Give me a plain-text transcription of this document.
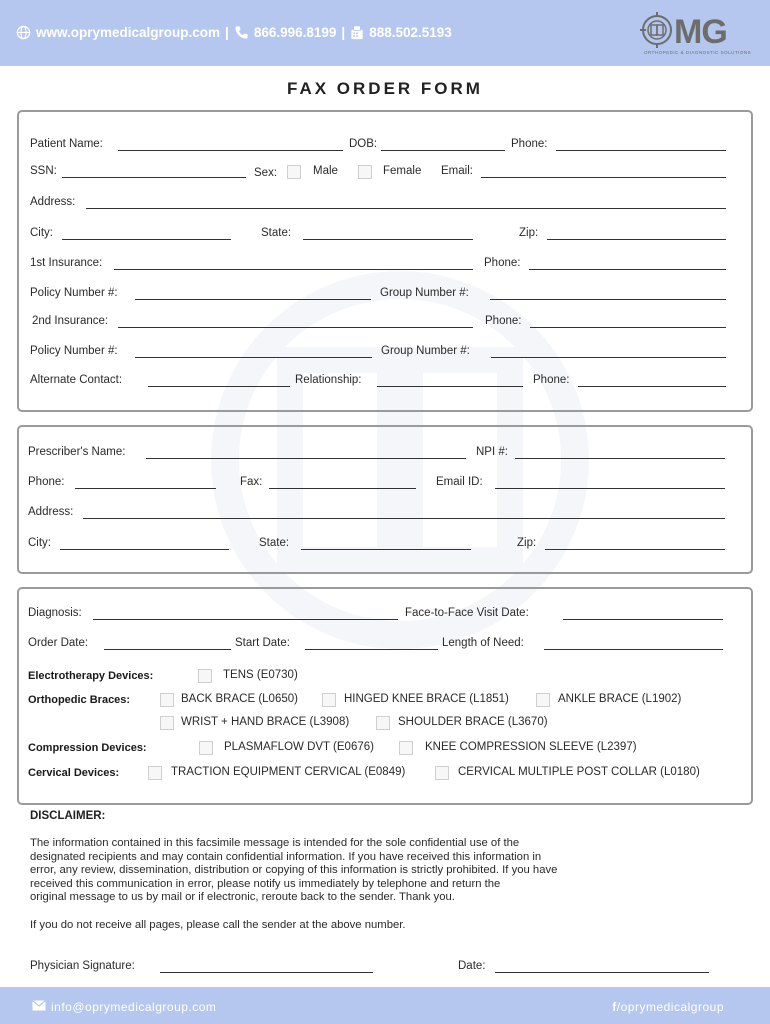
www.oprymedicalgroup.com | 866.996.8199 | 888.502.5193	MG
ORTHOPEDIC & DIAGNOSTIC SOLUTIONS
FAX ORDER FORM
Patient Name:	DOB:	Phone:
SSN:	Sex:	Male	Female Email:
Address:
City:	State:	Zip:
1st Insurance:	Phone:
Policy Number #:	Group Number #:
2nd Insurance:	Phone:
Policy Number #:	Group Number #:
Alternate Contact:	Relationship:	Phone:
Prescriber's Name:	NPI #:
Phone:	Fax:	Email ID:
Address:
City:	State:	Zip:
Diagnosis:	Face-to-Face Visit Date:
Order Date:	Start Date:	Length of Need:
Electrotherapy Devices:	TENS (E0730)
Orthopedic Braces:	BACK BRACE (L0650)	HINGED KNEE BRACE (L1851)	ANKLE BRACE (L1902)
WRIST + HAND BRACE (L3908)	SHOULDER BRACE (L3670)
Compression Devices:	PLASMAFLOW DVT (E0676)	KNEE COMPRESSION SLEEVE (L2397)
Cervical Devices:	TRACTION EQUIPMENT CERVICAL (E0849)	CERVICAL MULTIPLE POST COLLAR (L0180)
DISCLAIMER:
The information contained in this facsimile message is intended for the sole confidential use of the
designated recipients and may contain confidential information. If you have received this information in
error, any review, dissemination, distribution or copying of this information is strictly prohibited. If you have
received this communication in error, please notify us immediately by telephone and return the
original message to us by mail or if electronic, reroute back to the sender. Thank you.
If you do not receive all pages, please call the sender at the above number.
Physician Signature:	Date:
info@oprymedicalgroup.com	f/oprymedicalgroup
